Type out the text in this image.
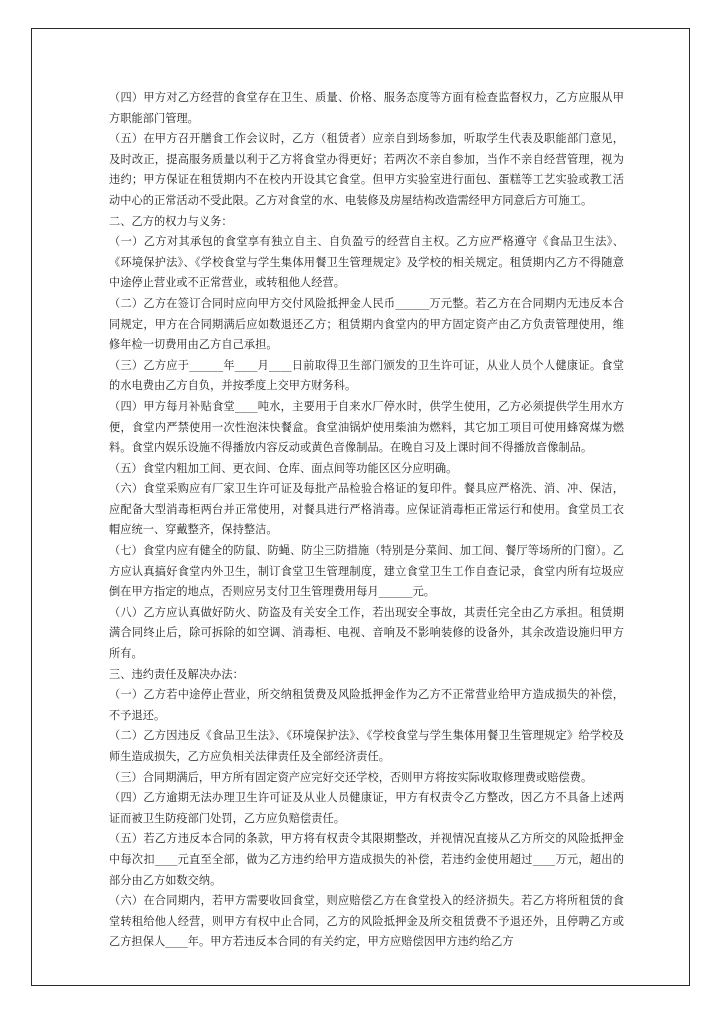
（四）甲方对乙方经营的食堂存在卫生、质量、价格、服务态度等方面有检查监督权力，乙方应服从甲方职能部门管理。

（五）在甲方召开膳食工作会议时，乙方（租赁者）应亲自到场参加，听取学生代表及职能部门意见，及时改正，提高服务质量以利于乙方将食堂办得更好；若两次不亲自参加，当作不亲自经营管理，视为违约；甲方保证在租赁期内不在校内开设其它食堂。但甲方实验室进行面包、蛋糕等工艺实验或教工活动中心的正常活动不受此限。乙方对食堂的水、电装修及房屋结构改造需经甲方同意后方可施工。

二、乙方的权力与义务：

（一）乙方对其承包的食堂享有独立自主、自负盈亏的经营自主权。乙方应严格遵守《食品卫生法》、《环境保护法》、《学校食堂与学生集体用餐卫生管理规定》及学校的相关规定。租赁期内乙方不得随意中途停止营业或不正常营业，或转租他人经营。

（二）乙方在签订合同时应向甲方交付风险抵押金人民币______万元整。若乙方在合同期内无违反本合同规定，甲方在合同期满后应如数退还乙方；租赁期内食堂内的甲方固定资产由乙方负责管理使用，维修年检一切费用由乙方自己承担。

（三）乙方应于______年____月____日前取得卫生部门颁发的卫生许可证，从业人员个人健康证。食堂的水电费由乙方自负，并按季度上交甲方财务科。

（四）甲方每月补贴食堂____吨水，主要用于自来水厂停水时，供学生使用，乙方必须提供学生用水方便，食堂内严禁使用一次性泡沫快餐盒。食堂油锅炉使用柴油为燃料，其它加工项目可使用蜂窝煤为燃料。食堂内娱乐设施不得播放内容反动或黄色音像制品。在晚自习及上课时间不得播放音像制品。

（五）食堂内粗加工间、更衣间、仓库、面点间等功能区区分应明确。

（六）食堂采购应有厂家卫生许可证及每批产品检验合格证的复印件。餐具应严格洗、消、冲、保洁，应配备大型消毒柜两台并正常使用，对餐具进行严格消毒。应保证消毒柜正常运行和使用。食堂员工衣帽应统一、穿戴整齐，保持整洁。

（七）食堂内应有健全的防鼠、防蝇、防尘三防措施（特别是分菜间、加工间、餐厅等场所的门窗）。乙方应认真搞好食堂内外卫生，制订食堂卫生管理制度，建立食堂卫生工作自查记录，食堂内所有垃圾应倒在甲方指定的地点，否则应另支付卫生管理费用每月______元。

（八）乙方应认真做好防火、防盗及有关安全工作，若出现安全事故，其责任完全由乙方承担。租赁期满合同终止后，除可拆除的如空调、消毒柜、电视、音响及不影响装修的设备外，其余改造设施归甲方所有。

三、违约责任及解决办法：

（一）乙方若中途停止营业，所交纳租赁费及风险抵押金作为乙方不正常营业给甲方造成损失的补偿，不予退还。

（二）乙方因违反《食品卫生法》、《环境保护法》、《学校食堂与学生集体用餐卫生管理规定》给学校及师生造成损失，乙方应负相关法律责任及全部经济责任。

（三）合同期满后，甲方所有固定资产应完好交还学校，否则甲方将按实际收取修理费或赔偿费。

（四）乙方逾期无法办理卫生许可证及从业人员健康证，甲方有权责令乙方整改，因乙方不具备上述两证而被卫生防疫部门处罚，乙方应负赔偿责任。

（五）若乙方违反本合同的条款，甲方将有权责令其限期整改，并视情况直接从乙方所交的风险抵押金中每次扣____元直至全部，做为乙方违约给甲方造成损失的补偿，若违约金使用超过____万元，超出的部分由乙方如数交纳。

（六）在合同期内，若甲方需要收回食堂，则应赔偿乙方在食堂投入的经济损失。若乙方将所租赁的食堂转租给他人经营，则甲方有权中止合同，乙方的风险抵押金及所交租赁费不予退还外，且停聘乙方或乙方担保人____年。甲方若违反本合同的有关约定，甲方应赔偿因甲方违约给乙方
